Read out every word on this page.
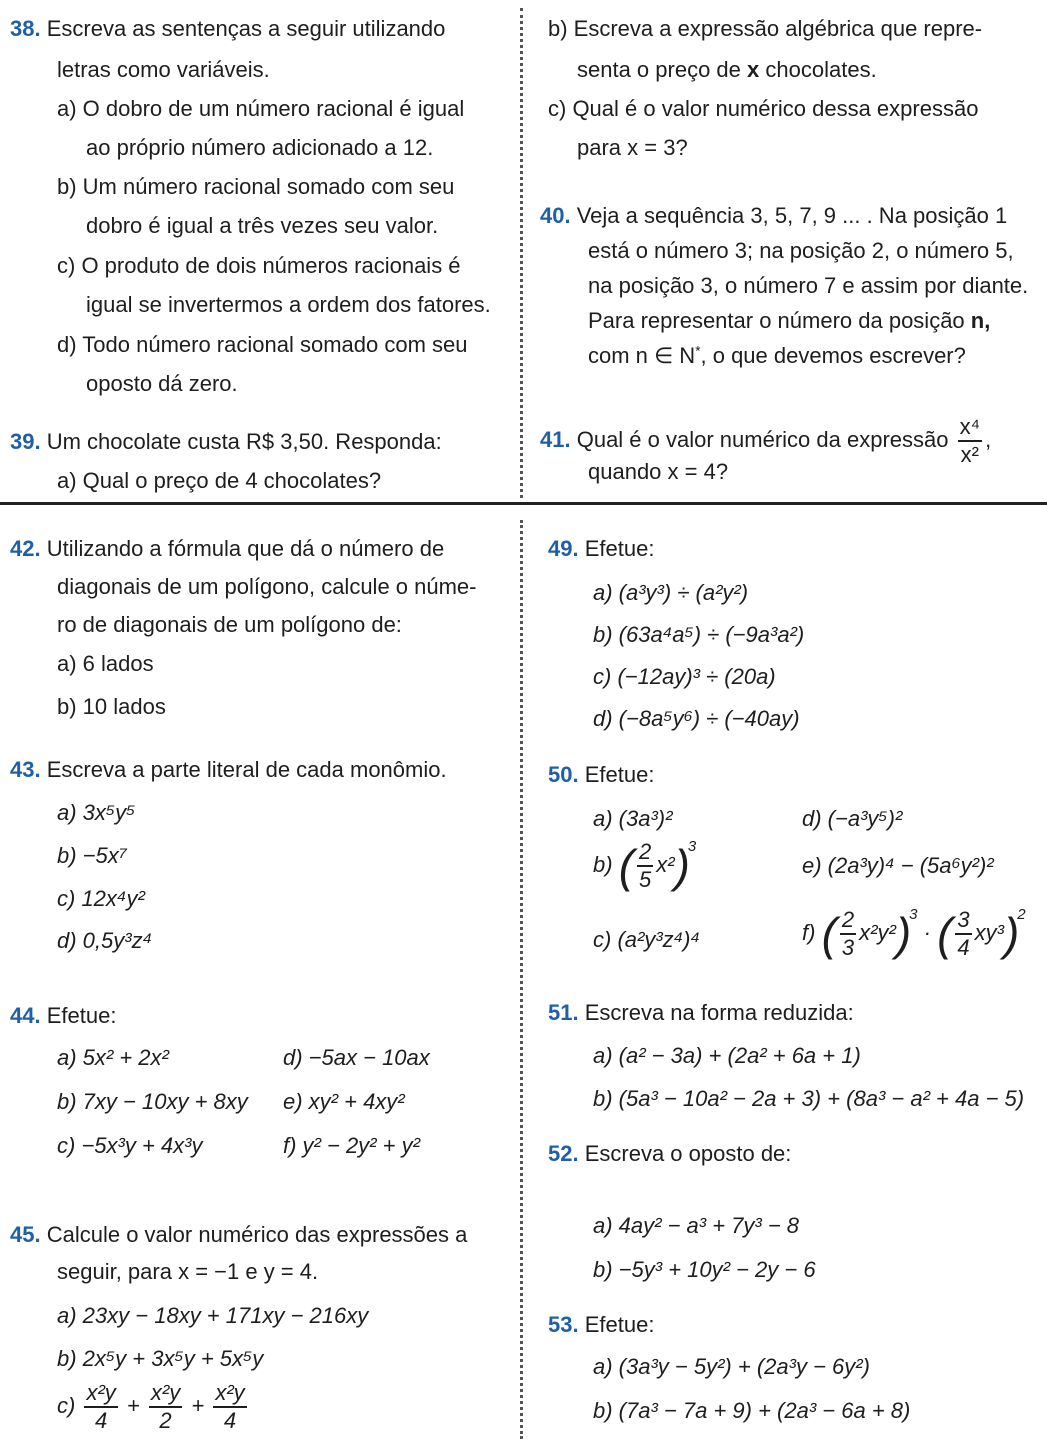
38. Escreva as sentenças a seguir utilizando
letras como variáveis.
a) O dobro de um número racional é igual
ao próprio número adicionado a 12.
b) Um número racional somado com seu
dobro é igual a três vezes seu valor.
c) O produto de dois números racionais é
igual se invertermos a ordem dos fatores.
d) Todo número racional somado com seu
oposto dá zero.
39. Um chocolate custa R$ 3,50. Responda:
a) Qual o preço de 4 chocolates?
b) Escreva a expressão algébrica que repre-
senta o preço de x chocolates.
c) Qual é o valor numérico dessa expressão
para x = 3?
40. Veja a sequência 3, 5, 7, 9 ... . Na posição 1
está o número 3; na posição 2, o número 5,
na posição 3, o número 7 e assim por diante.
Para representar o número da posição n,
com n ∈ N*, o que devemos escrever?
41. Qual é o valor numérico da expressão $\frac{\text{x⁴}}{\text{x²}}$ ,
quando x = 4?
42. Utilizando a fórmula que dá o número de
diagonais de um polígono, calcule o núme-
ro de diagonais de um polígono de:
a) 6 lados
b) 10 lados
43. Escreva a parte literal de cada monômio.
a) 3x⁵y⁵
b) −5x⁷
c) 12x⁴y²
d) 0,5y³z⁴
44. Efetue:
a) 5x² + 2x²
b) 7xy − 10xy + 8xy
c) −5x³y + 4x³y
d) −5ax − 10ax
e) xy² + 4xy²
f) y² − 2y² + y²
45. Calcule o valor numérico das expressões a
seguir, para x = −1 e y = 4.
a) 23xy − 18xy + 171xy − 216xy
b) 2x⁵y + 3x⁵y + 5x⁵y
$c) \frac{\text{x²y}}{4} + \frac{\text{x²y}}{2} + \frac{\text{x²y}}{4}$
49. Efetue:
a) (a³y³) ÷ (a²y²)
b) (63a⁴a⁵) ÷ (−9a³a²)
c) (−12ay)³ ÷ (20a)
d) (−8a⁵y⁶) ÷ (−40ay)
50. Efetue:
a) (3a³)²
b) ( $\frac{2}{5} x^2)^3$
c) (a²y³z⁴)⁴
d) (−a³y⁵)²
e) (2a³y)⁴ − (5a⁶y²)²
f) ( $\frac{2}{3} x^2y^2)^3$ · ( $\frac{3}{4} xy^3)^2$
51. Escreva na forma reduzida:
a) (a² − 3a) + (2a² + 6a + 1)
b) (5a³ − 10a² − 2a + 3) + (8a³ − a² + 4a − 5)
52. Escreva o oposto de:
a) 4ay² − a³ + 7y³ − 8
b) −5y³ + 10y² − 2y − 6
53. Efetue:
a) (3a³y − 5y²) + (2a³y − 6y²)
b) (7a³ − 7a + 9) + (2a³ − 6a + 8)
